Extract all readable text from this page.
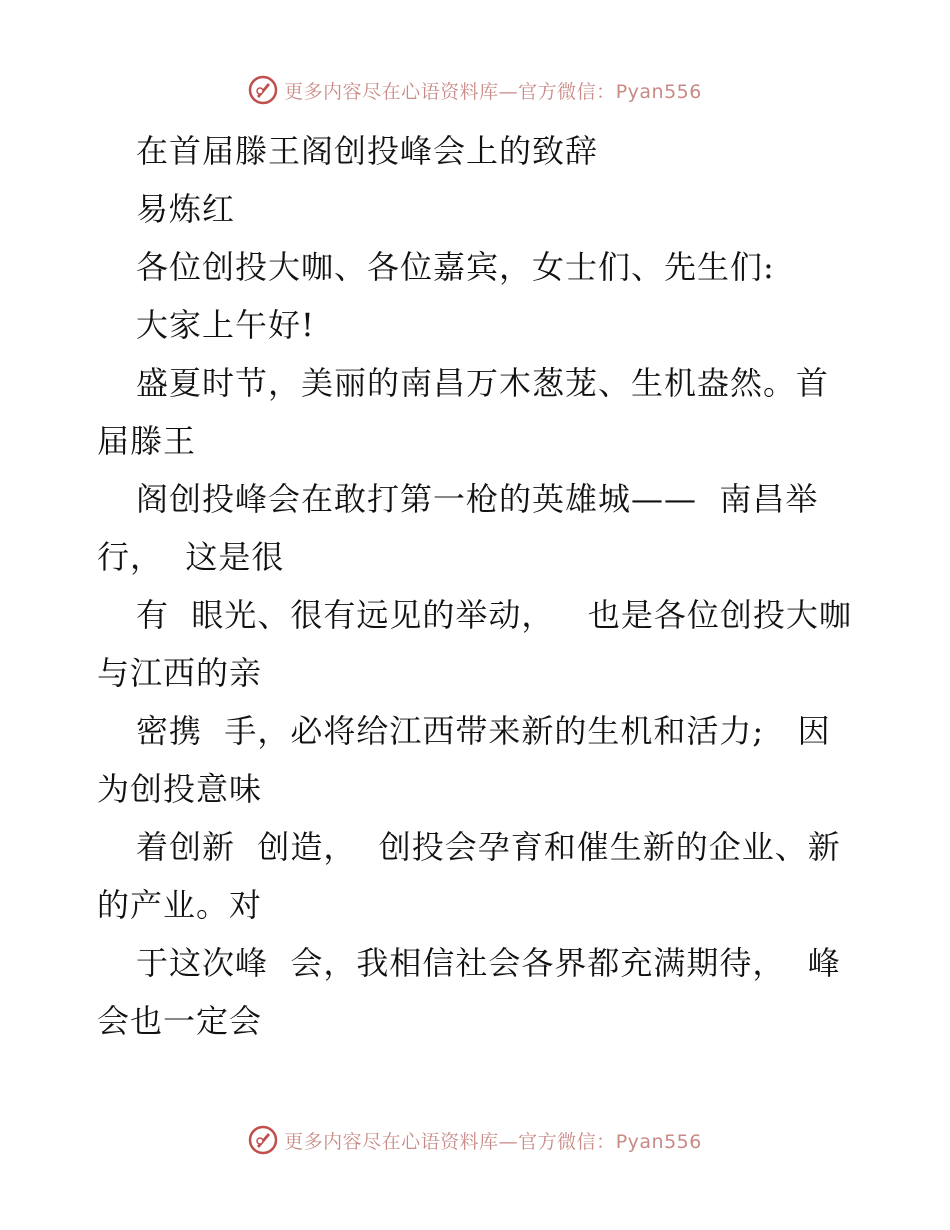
更多内容尽在心语资料库—官方微信：Pyan556

在首届滕王阁创投峰会上的致辞

易炼红

各位创投大咖、各位嘉宾，女士们、先生们:

大家上午好!

盛夏时节，美丽的南昌万木葱茏、生机盎然。首

届滕王

阁创投峰会在敢打第一枪的英雄城——  南昌举

行，  这是很

有  眼光、很有远见的举动，   也是各位创投大咖

与江西的亲

密携  手，必将给江西带来新的生机和活力;   因

为创投意味

着创新  创造，  创投会孕育和催生新的企业、新

的产业。对

于这次峰  会，我相信社会各界都充满期待，  峰

会也一定会

更多内容尽在心语资料库—官方微信：Pyan556
